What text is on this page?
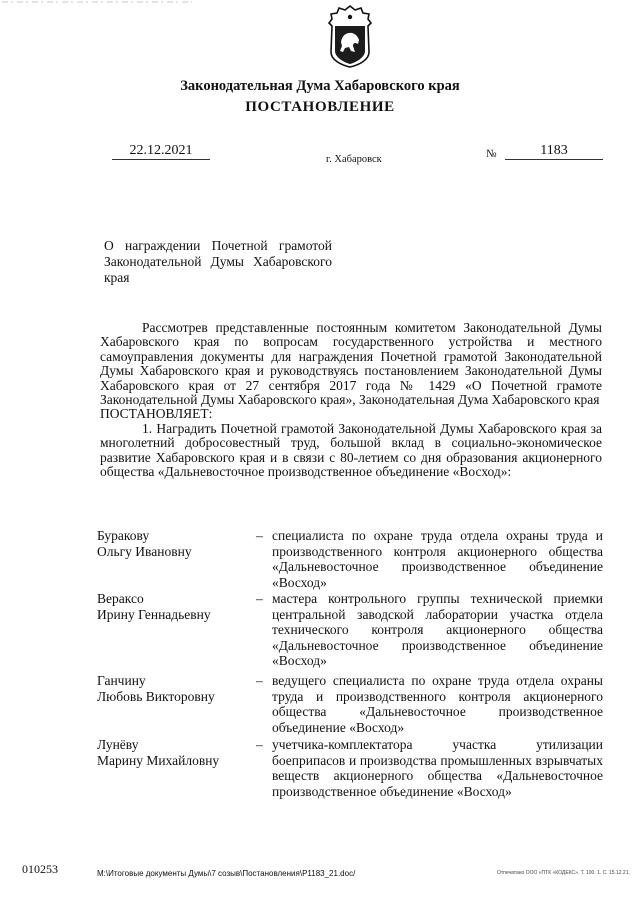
Законодательная Дума Хабаровского края
ПОСТАНОВЛЕНИЕ
22.12.2021
г. Хабаровск	№	1183
О награждении Почетной грамотой Законодательной Думы Хабаровского края

Рассмотрев представленные постоянным комитетом Законодательной Думы Хабаровского края по вопросам государственного устройства и местного самоуправления документы для награждения Почетной грамотой Законодательной Думы Хабаровского края и руководствуясь постановлением Законодательной Думы Хабаровского края от 27 сентября 2017 года № 1429 «О Почетной грамоте Законодательной Думы Хабаровского края», Законодательная Дума Хабаровского края

ПОСТАНОВЛЯЕТ:

1. Наградить Почетной грамотой Законодательной Думы Хабаровского края за многолетний добросовестный труд, большой вклад в социально-экономическое развитие Хабаровского края и в связи с 80-летием со дня образования акционерного общества «Дальневосточное производственное объединение «Восход»:

Буракову
Ольгу Ивановну
– специалиста по охране труда отдела охраны труда и производственного контроля акционерного общества «Дальневосточное производственное объединение «Восход»
Вераксо
Ирину Геннадьевну
– мастера контрольного группы технической приемки центральной заводской лаборатории участка отдела технического контроля акционерного общества «Дальневосточное производственное объединение «Восход»
Ганчину
Любовь Викторовну
– ведущего специалиста по охране труда отдела охраны труда и производственного контроля акционерного общества «Дальневосточное производственное объединение «Восход»
Лунёву
Марину Михайловну
– учетчика-комплектатора участка утилизации боеприпасов и производства промышленных взрывчатых веществ акционерного общества «Дальневосточное производственное объединение «Восход»
010253	M:\Итоговые документы Думы\7 созыв\Постановления\P1183_21.doc/	Отпечатано ООО «ПТК «КОДЕКС». Т. 100. 1. С. 15.12.21.
